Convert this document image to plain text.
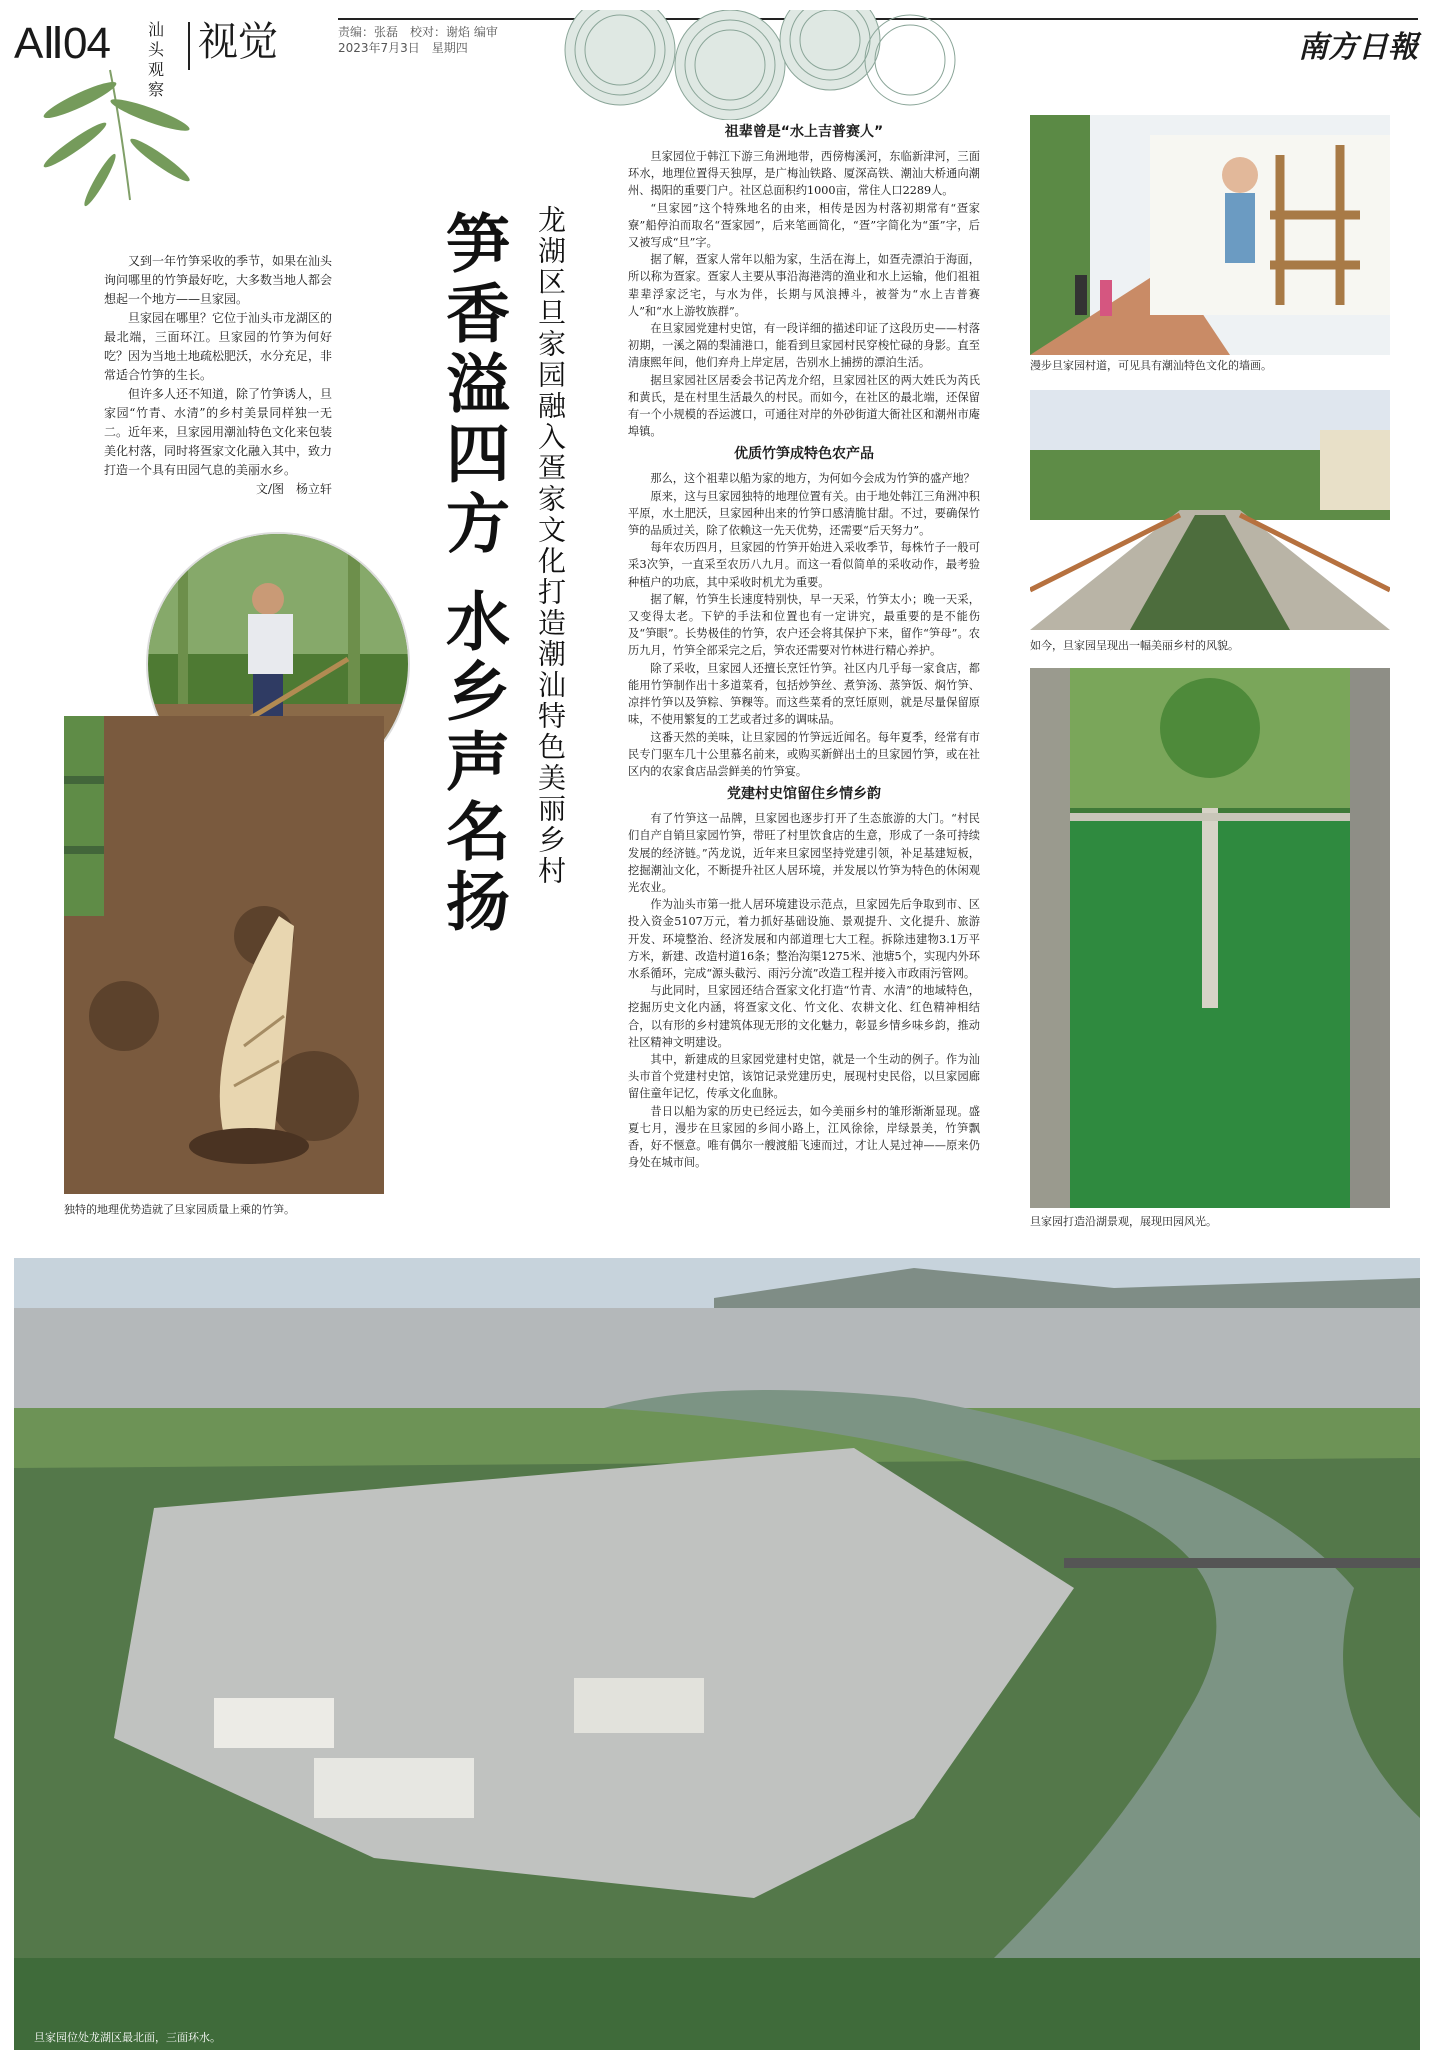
AⅡ04 汕头观察
视觉	责编：张磊　校对：谢焰 编审
2023年7月3日　星期四	南方日報

又到一年竹笋采收的季节，如果在汕头询问哪里的竹笋最好吃，大多数当地人都会想起一个地方——旦家园。

旦家园在哪里？它位于汕头市龙湖区的最北端，三面环江。旦家园的竹笋为何好吃？因为当地土地疏松肥沃，水分充足，非常适合竹笋的生长。

但许多人还不知道，除了竹笋诱人，旦家园“竹青、水清”的乡村美景同样独一无二。近年来，旦家园用潮汕特色文化来包装美化村落，同时将疍家文化融入其中，致力打造一个具有田园气息的美丽水乡。

文/图　杨立轩 笋香溢四方 水乡声名扬 龙湖区旦家园融入疍家文化打造潮汕特色美丽乡村
独特的地理优势造就了旦家园质量上乘的竹笋。
祖辈曾是“水上吉普赛人”

旦家园位于韩江下游三角洲地带，西傍梅溪河，东临新津河，三面环水，地理位置得天独厚，是广梅汕铁路、厦深高铁、潮汕大桥通向潮州、揭阳的重要门户。社区总面积约1000亩，常住人口2289人。

“旦家园”这个特殊地名的由来，相传是因为村落初期常有“疍家寮”船停泊而取名“疍家园”，后来笔画简化，“疍”字简化为“蛋”字，后又被写成“旦”字。

据了解，疍家人常年以船为家，生活在海上，如疍壳漂泊于海面，所以称为疍家。疍家人主要从事沿海港湾的渔业和水上运输，他们祖祖辈辈浮家泛宅，与水为伴，长期与风浪搏斗，被誉为“水上吉普赛人”和“水上游牧族群”。

在旦家园党建村史馆，有一段详细的描述印证了这段历史——村落初期，一溪之隔的梨浦港口，能看到旦家园村民穿梭忙碌的身影。直至清康熙年间，他们弃舟上岸定居，告别水上捕捞的漂泊生活。

据旦家园社区居委会书记芮龙介绍，旦家园社区的两大姓氏为芮氏和黄氏，是在村里生活最久的村民。而如今，在社区的最北端，还保留有一个小规模的吞运渡口，可通往对岸的外砂街道大衙社区和潮州市庵埠镇。

优质竹笋成特色农产品

那么，这个祖辈以船为家的地方，为何如今会成为竹笋的盛产地？

原来，这与旦家园独特的地理位置有关。由于地处韩江三角洲冲积平原，水土肥沃，旦家园种出来的竹笋口感清脆甘甜。不过，要确保竹笋的品质过关，除了依赖这一先天优势，还需要“后天努力”。

每年农历四月，旦家园的竹笋开始进入采收季节，每株竹子一般可采3次笋，一直采至农历八九月。而这一看似简单的采收动作，最考验种植户的功底，其中采收时机尤为重要。

据了解，竹笋生长速度特别快，早一天采，竹笋太小；晚一天采，又变得太老。下铲的手法和位置也有一定讲究，最重要的是不能伤及“笋眼”。长势极佳的竹笋，农户还会将其保护下来，留作“笋母”。农历九月，竹笋全部采完之后，笋农还需要对竹林进行精心养护。

除了采收，旦家园人还擅长烹饪竹笋。社区内几乎每一家食店，都能用竹笋制作出十多道菜肴，包括炒笋丝、煮笋汤、蒸笋饭、焖竹笋、凉拌竹笋以及笋粽、笋粿等。而这些菜肴的烹饪原则，就是尽量保留原味，不使用繁复的工艺或者过多的调味品。

这番天然的美味，让旦家园的竹笋远近闻名。每年夏季，经常有市民专门驱车几十公里慕名前来，或购买新鲜出土的旦家园竹笋，或在社区内的农家食店品尝鲜美的竹笋宴。

党建村史馆留住乡情乡韵

有了竹笋这一品牌，旦家园也逐步打开了生态旅游的大门。“村民们自产自销旦家园竹笋，带旺了村里饮食店的生意，形成了一条可持续发展的经济链。”芮龙说，近年来旦家园坚持党建引领，补足基建短板，挖掘潮汕文化，不断提升社区人居环境，并发展以竹笋为特色的休闲观光农业。

作为汕头市第一批人居环境建设示范点，旦家园先后争取到市、区投入资金5107万元，着力抓好基础设施、景观提升、文化提升、旅游开发、环境整治、经济发展和内部道理七大工程。拆除违建物3.1万平方米，新建、改造村道16条；整治沟渠1275米、池塘5个，实现内外环水系循环，完成“源头截污、雨污分流”改造工程并接入市政雨污管网。

与此同时，旦家园还结合疍家文化打造“竹青、水清”的地域特色，挖掘历史文化内涵，将疍家文化、竹文化、农耕文化、红色精神相结合，以有形的乡村建筑体现无形的文化魅力，彰显乡情乡味乡韵，推动社区精神文明建设。

其中，新建成的旦家园党建村史馆，就是一个生动的例子。作为汕头市首个党建村史馆，该馆记录党建历史，展现村史民俗，以旦家园廊留住童年记忆，传承文化血脉。

昔日以船为家的历史已经远去，如今美丽乡村的雏形渐渐显现。盛夏七月，漫步在旦家园的乡间小路上，江风徐徐，岸绿景美，竹笋飘香，好不惬意。唯有偶尔一艘渡船飞速而过，才让人晃过神——原来仍身处在城市间。

漫步旦家园村道，可见具有潮汕特色文化的墙画。
如今，旦家园呈现出一幅美丽乡村的风貌。
旦家园打造沿湖景观，展现田园风光。
旦家园位处龙湖区最北面，三面环水。
